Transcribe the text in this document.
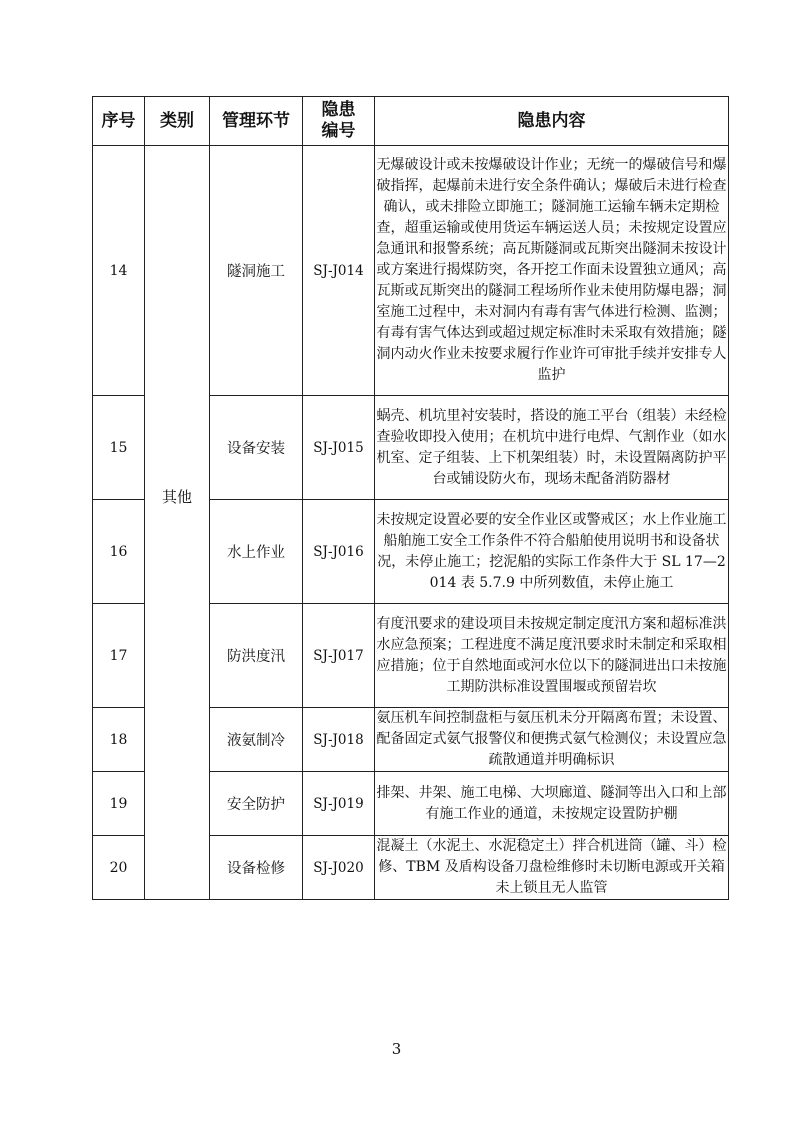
序号	类别	管理环节	隐患编号	隐患内容
14	其他	隧洞施工	SJ-J014	无爆破设计或未按爆破设计作业；无统一的爆破信号和爆破指挥，起爆前未进行安全条件确认；爆破后未进行检查确认，或未排险立即施工；隧洞施工运输车辆未定期检查，超重运输或使用货运车辆运送人员；未按规定设置应急通讯和报警系统；高瓦斯隧洞或瓦斯突出隧洞未按设计或方案进行揭煤防突，各开挖工作面未设置独立通风；高瓦斯或瓦斯突出的隧洞工程场所作业未使用防爆电器；洞室施工过程中，未对洞内有毒有害气体进行检测、监测；有毒有害气体达到或超过规定标准时未采取有效措施；隧洞内动火作业未按要求履行作业许可审批手续并安排专人监护
15		设备安装	SJ-J015	蜗壳、机坑里衬安装时，搭设的施工平台（组装）未经检查验收即投入使用；在机坑中进行电焊、气割作业（如水机室、定子组装、上下机架组装）时，未设置隔离防护平台或铺设防火布，现场未配备消防器材
16		水上作业	SJ-J016	未按规定设置必要的安全作业区或警戒区；水上作业施工船舶施工安全工作条件不符合船舶使用说明书和设备状况，未停止施工；挖泥船的实际工作条件大于 SL 17—2014 表 5.7.9 中所列数值，未停止施工
17		防洪度汛	SJ-J017	有度汛要求的建设项目未按规定制定度汛方案和超标准洪水应急预案；工程进度不满足度汛要求时未制定和采取相应措施；位于自然地面或河水位以下的隧洞进出口未按施工期防洪标准设置围堰或预留岩坎
18		液氨制冷	SJ-J018	氨压机车间控制盘柜与氨压机未分开隔离布置；未设置、配备固定式氨气报警仪和便携式氨气检测仪；未设置应急疏散通道并明确标识
19		安全防护	SJ-J019	排架、井架、施工电梯、大坝廊道、隧洞等出入口和上部有施工作业的通道，未按规定设置防护棚
20		设备检修	SJ-J020	混凝土（水泥土、水泥稳定土）拌合机进筒（罐、斗）检修、TBM 及盾构设备刀盘检维修时未切断电源或开关箱未上锁且无人监管
3
